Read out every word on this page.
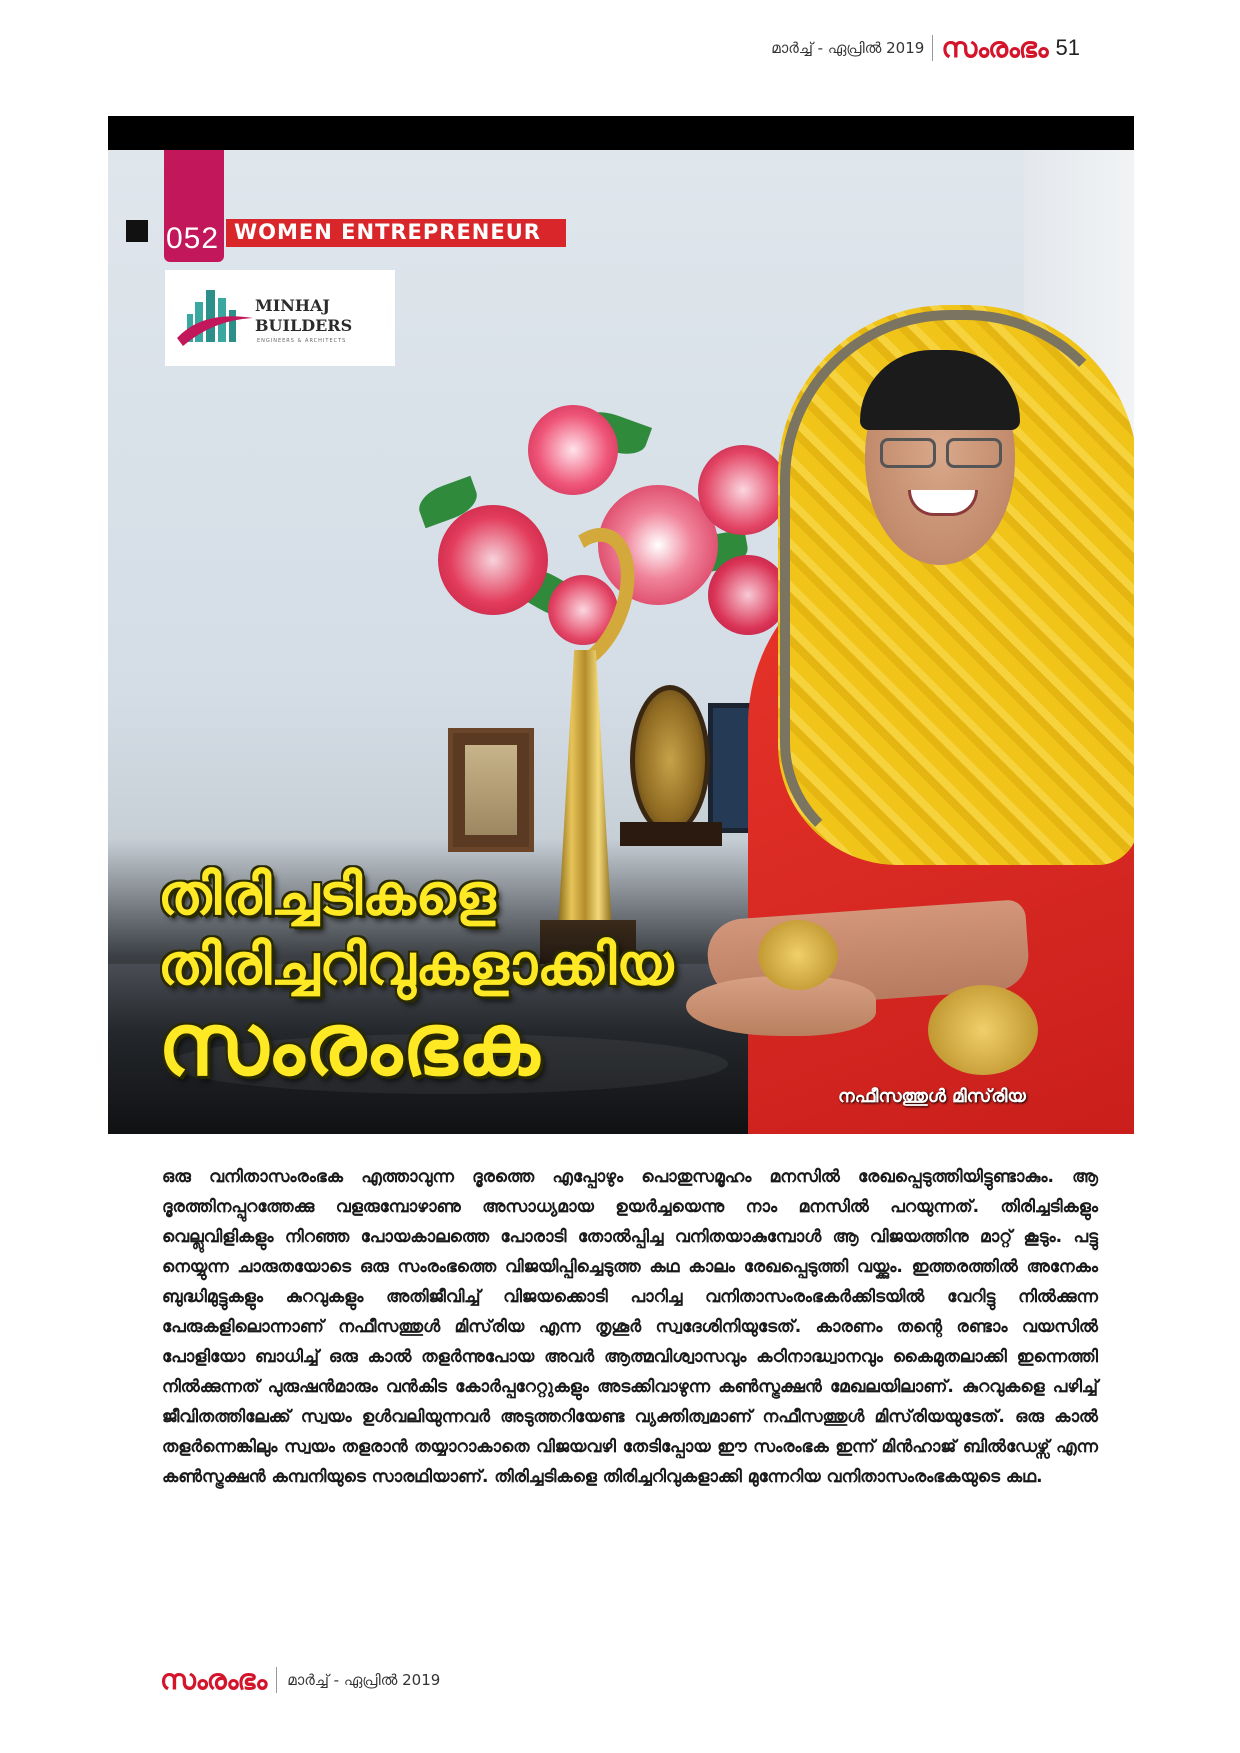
മാർച്ച് - ഏപ്രിൽ 2019 സംരംഭം 51
052 WOMEN ENTREPRENEUR
MINHAJ
BUILDERS
ENGINEERS & ARCHITECTS
തിരിച്ചടികളെ
തിരിച്ചറിവുകളാക്കിയ
സംരംഭക
നഫീസത്തുൾ മിസ്‌രിയ

ഒരു വനിതാസംരംഭക എത്താവുന്ന ദൂരത്തെ എപ്പോഴും പൊതുസമൂഹം മനസിൽ രേഖപ്പെടുത്തിയിട്ടുണ്ടാകും. ആ ദൂരത്തിനപ്പുറത്തേക്കു വളരുമ്പോഴാണു അസാധ്യമായ ഉയർച്ചയെന്നു നാം മനസിൽ പറയുന്നത്. തിരിച്ചടികളും വെല്ലുവിളികളും നിറഞ്ഞ പോയകാലത്തെ പോരാടി തോൽപ്പിച്ച വനിതയാകുമ്പോൾ ആ വിജയത്തിനു മാറ്റ് കൂടും. പട്ടു നെയ്യുന്ന ചാരുതയോടെ ഒരു സംരംഭത്തെ വിജയിപ്പിച്ചെടുത്ത കഥ കാലം രേഖപ്പെടുത്തി വയ്ക്കും. ഇത്തരത്തിൽ അനേകം ബുദ്ധിമുട്ടുകളും കുറവുകളും അതിജീവിച്ച് വിജയക്കൊടി പാറിച്ച വനിതാസംരംഭകർക്കിടയിൽ വേറിട്ടു നിൽക്കുന്ന പേരുകളിലൊന്നാണ് നഫീസത്തുൾ മിസ്‌രിയ എന്ന തൃശൂർ സ്വദേശിനിയുടേത്. കാരണം തന്റെ രണ്ടാം വയസിൽ പോളിയോ ബാധിച്ച് ഒരു കാൽ തളർന്നുപോയ അവർ ആത്മവിശ്വാസവും കഠിനാദ്ധ്വാനവും കൈമുതലാക്കി ഇന്നെത്തി നിൽക്കുന്നത് പുരുഷൻമാരും വൻകിട കോർപ്പറേറ്റുകളും അടക്കിവാഴുന്ന കൺസ്ട്രക്ഷൻ മേഖലയിലാണ്. കുറവുകളെ പഴിച്ച് ജീവിതത്തിലേക്ക് സ്വയം ഉൾവലിയുന്നവർ അടുത്തറിയേണ്ട വ്യക്തിത്വമാണ് നഫീസത്തുൾ മിസ്‌രിയയുടേത്. ഒരു കാൽ തളർന്നെങ്കിലും സ്വയം തളരാൻ തയ്യാറാകാതെ വിജയവഴി തേടിപ്പോയ ഈ സംരംഭക ഇന്ന് മിൻഹാജ് ബിൽഡേഴ്സ് എന്ന കൺസ്ട്രക്ഷൻ കമ്പനിയുടെ സാരഥിയാണ്. തിരിച്ചടികളെ തിരിച്ചറിവുകളാക്കി മുന്നേറിയ വനിതാസംരംഭകയുടെ കഥ.

സംരംഭം മാർച്ച് - ഏപ്രിൽ 2019
